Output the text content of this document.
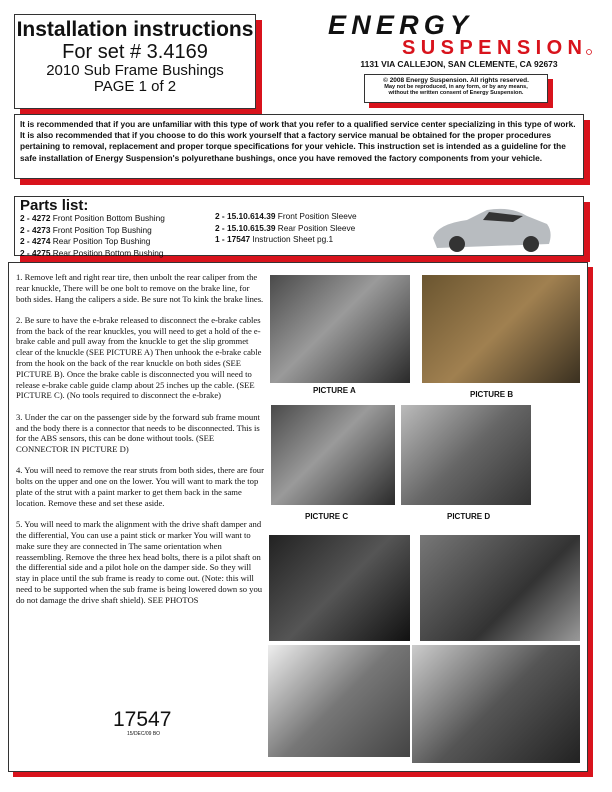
Installation instructions
For set # 3.4169
2010 Sub Frame Bushings
PAGE 1 of 2
ENERGY
SUSPENSION
1131 VIA CALLEJON, SAN CLEMENTE, CA 92673
© 2008 Energy Suspension. All rights reserved.
May not be reproduced, in any form, or by any means,
without the written consent of Energy Suspension.
It is recommended that if you are unfamiliar with this type of work that you refer to a qualified service center specializing in this type of work. It is also recommended that if you choose to do this work yourself that a factory service manual be obtained for the proper procedures pertaining to removal, replacement and proper torque specifications for your vehicle. This instruction set is intended as a guideline for the safe installation of Energy Suspension's polyurethane bushings, once you have removed the factory components from your vehicle.
Parts list:
2 - 4272 Front Position Bottom Bushing
2 - 4273 Front Position Top Bushing
2 - 4274 Rear Position Top Bushing
2 - 4275 Rear Position Bottom Bushing
2 - 15.10.614.39 Front Position Sleeve
2 - 15.10.615.39 Rear Position Sleeve
1 - 17547 Instruction Sheet pg.1

1. Remove left and right rear tire, then unbolt the rear caliper from the rear knuckle, There will be one bolt to remove on the brake line, for both sides. Hang the calipers a side. Be sure not To kink the brake lines.

2. Be sure to have the e-brake released to disconnect the e-brake cables from the back of the rear knuckles, you will need to get a hold of the e-brake cable and pull away from the knuckle to get the slip grommet clear of the knuckle (SEE PICTURE A) Then unhook the e-brake cable from the hook on the back of the rear knuckle on both sides (SEE PICTURE B). Once the brake cable is disconnected you will need to release e-brake cable guide clamp about 25 inches up the cable. (SEE PICTURE C). (No tools required to disconnect the e-brake)

3. Under the car on the passenger side by the forward sub frame mount and the body there is a connector that needs to be disconnected. This is for the ABS sensors, this can be done without tools. (SEE CONNECTOR IN PICTURE D)

4. You will need to remove the rear struts from both sides, there are four bolts on the upper and one on the lower. You will want to mark the top plate of the strut with a paint marker to get them back in the same location. Remove these and set these aside.

5. You will need to mark the alignment with the drive shaft damper and the differential, You can use a paint stick or marker You will want to make sure they are connected in The same orientation when reassembling. Remove the three hex head bolts, there is a pilot shaft on the differential side and a pilot hole on the damper side. So they will stay in place until the sub frame is ready to come out. (Note: this will need to be supported when the sub frame is being lowered down so you do not damage the drive shaft shield). SEE PHOTOS

PICTURE A	PICTURE B
PICTURE C	PICTURE D
17547
15/DEC/09 BO
